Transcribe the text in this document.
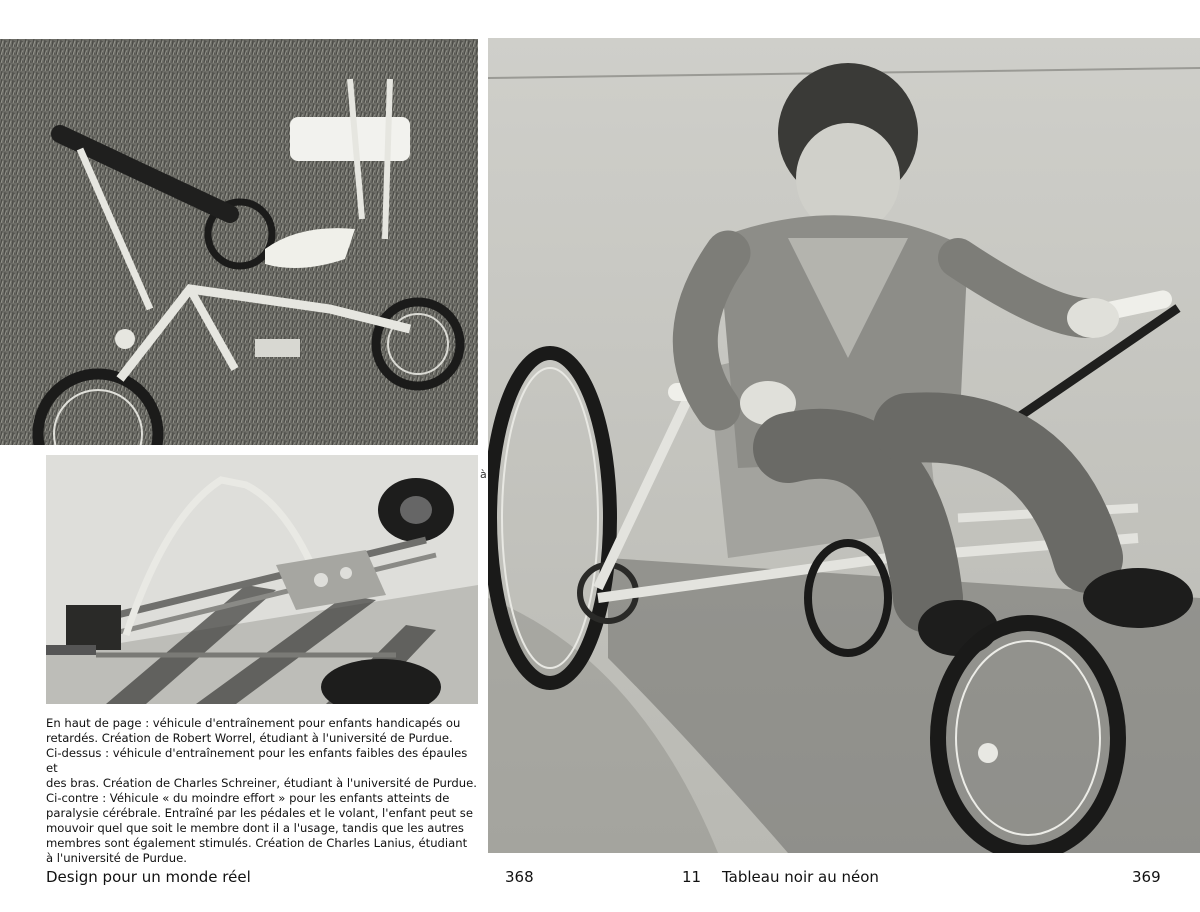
à

En haut de page : véhicule d'entraînement pour enfants handicapés ou

retardés. Création de Robert Worrel, étudiant à l'université de Purdue.

Ci-dessus : véhicule d'entraînement pour les enfants faibles des épaules et

des bras. Création de Charles Schreiner, étudiant à l'université de Purdue.

Ci-contre : Véhicule « du moindre effort » pour les enfants atteints de

paralysie cérébrale. Entraîné par les pédales et le volant, l'enfant peut se

mouvoir quel que soit le membre dont il a l'usage, tandis que les autres

membres sont également stimulés. Création de Charles Lanius, étudiant

à l'université de Purdue.

Design pour un monde réel	368	11 Tableau noir au néon	369
